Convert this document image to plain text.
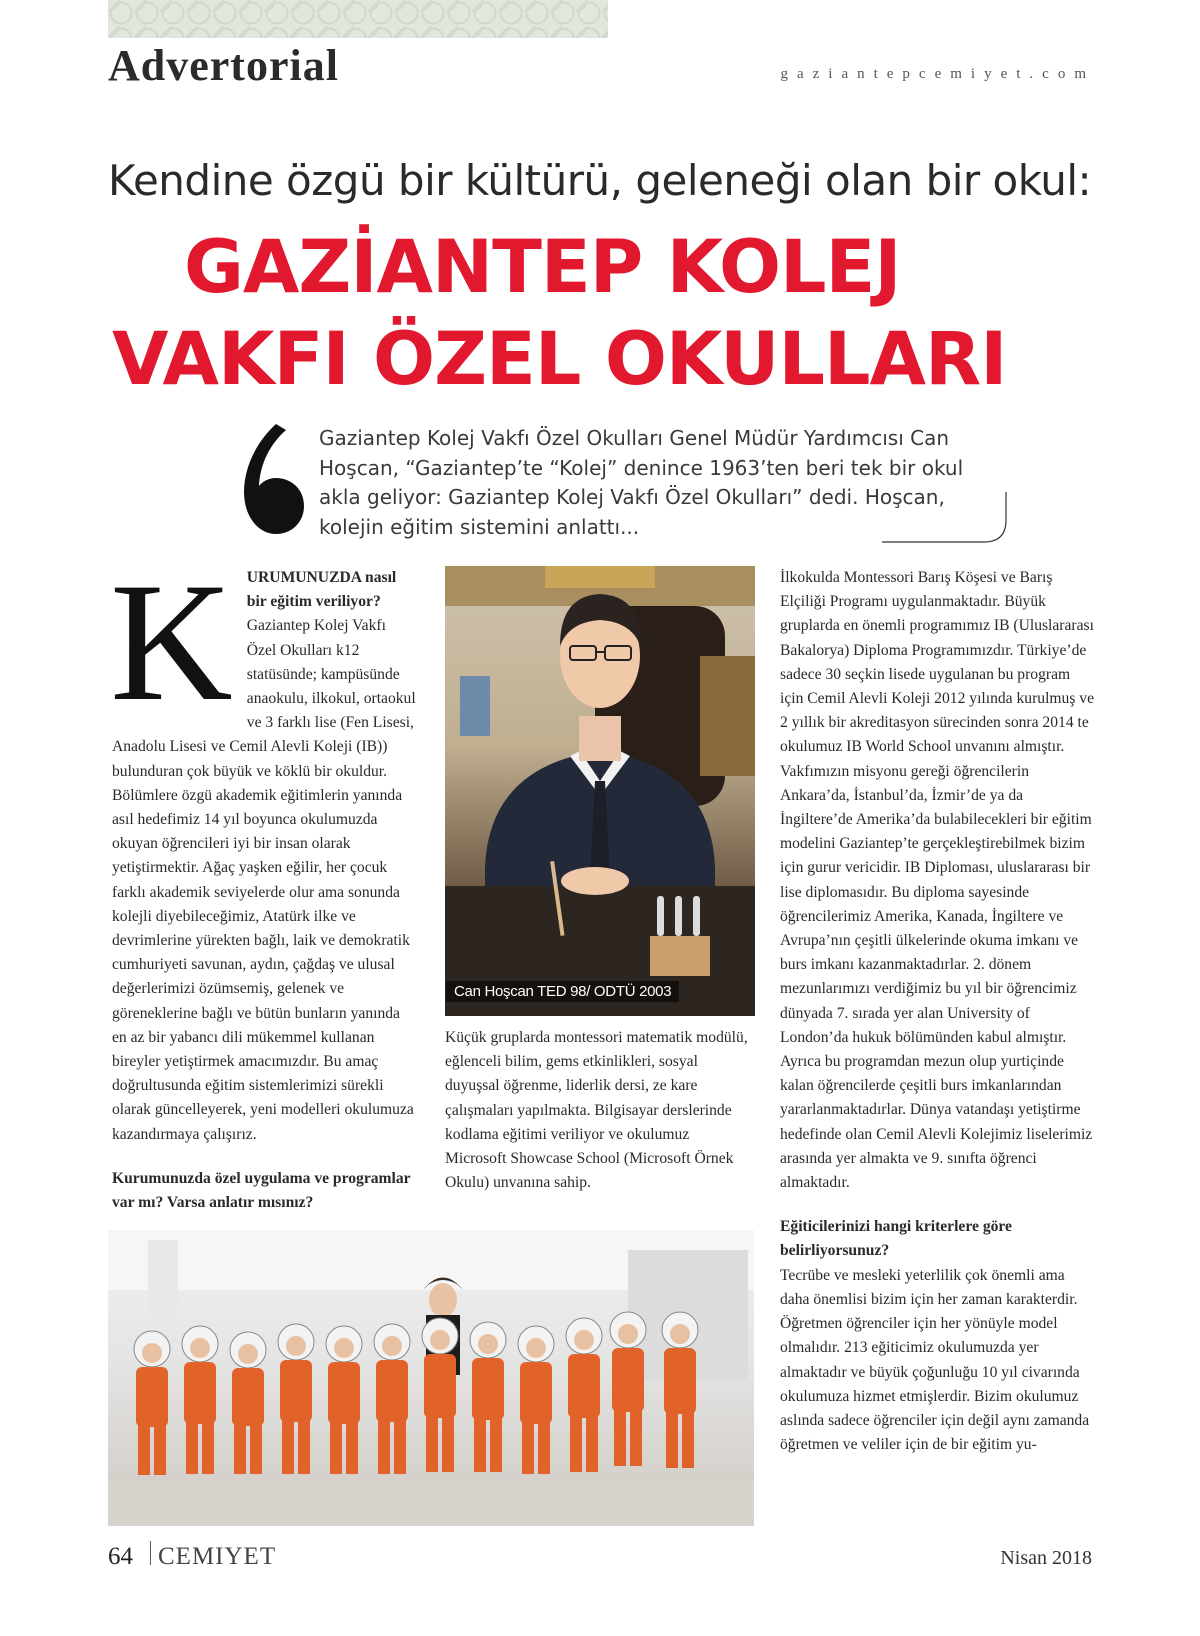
Advertorial	gaziantepcemiyet.com
Kendine özgü bir kültürü, geleneği olan bir okul:
GAZİANTEP KOLEJ
VAKFI ÖZEL OKULLARI

Gaziantep Kolej Vakfı Özel Okulları Genel Müdür Yardımcısı Can Hoşcan, “Gaziantep’te “Kolej” denince 1963’ten beri tek bir okul akla geliyor: Gaziantep Kolej Vakfı Özel Okulları” dedi. Hoşcan, kolejin eğitim sistemini anlattı...

K URUMUNUZDA nasıl bir eğitim veriliyor?

Gaziantep Kolej Vakfı Özel Okulları k12 statüsünde; kampüsünde anaokulu, ilkokul, ortaokul ve 3 farklı lise (Fen Lisesi, Anadolu Lisesi ve Cemil Alevli Koleji (IB)) bulunduran çok büyük ve köklü bir okuldur. Bölümlere özgü akademik eğitimlerin yanında asıl hedefimiz 14 yıl boyunca okulumuzda okuyan öğrencileri iyi bir insan olarak yetiştirmektir. Ağaç yaşken eğilir, her çocuk farklı akademik seviyelerde olur ama sonunda kolejli diyebileceğimiz, Atatürk ilke ve devrimlerine yürekten bağlı, laik ve demokratik cumhuriyeti savunan, aydın, çağdaş ve ulusal değerlerimizi özümsemiş, gelenek ve göreneklerine bağlı ve bütün bunların yanında en az bir yabancı dili mükemmel kullanan bireyler yetiştirmek amacımızdır. Bu amaç doğrultusunda eğitim sistemlerimizi sürekli olarak güncelleyerek, yeni modelleri okulumuza kazandırmaya çalışırız.

Kurumunuzda özel uygulama ve programlar var mı? Varsa anlatır mısınız?

Can Hoşcan TED 98/ ODTÜ 2003

Küçük gruplarda montessori matematik modülü, eğlenceli bilim, gems etkinlikleri, sosyal duyuşsal öğrenme, liderlik dersi, ze kare çalışmaları yapılmakta. Bilgisayar derslerinde kodlama eğitimi veriliyor ve okulumuz Microsoft Showcase School (Microsoft Örnek Okulu) unvanına sahip.

İlkokulda Montessori Barış Köşesi ve Barış Elçiliği Programı uygulanmaktadır. Büyük gruplarda en önemli programımız IB (Uluslararası Bakalorya) Diploma Programımızdır. Türkiye’de sadece 30 seçkin lisede uygulanan bu program için Cemil Alevli Koleji 2012 yılında kurulmuş ve 2 yıllık bir akreditasyon sürecinden sonra 2014 te okulumuz IB World School unvanını almıştır. Vakfımızın misyonu gereği öğrencilerin Ankara’da, İstanbul’da, İzmir’de ya da İngiltere’de Amerika’da bulabilecekleri bir eğitim modelini Gaziantep’te gerçekleştirebilmek bizim için gurur vericidir. IB Diploması, uluslararası bir lise diplomasıdır. Bu diploma sayesinde öğrencilerimiz Amerika, Kanada, İngiltere ve Avrupa’nın çeşitli ülkelerinde okuma imkanı ve burs imkanı kazanmaktadırlar. 2. dönem mezunlarımızı verdiğimiz bu yıl bir öğrencimiz dünyada 7. sırada yer alan University of London’da hukuk bölümünden kabul almıştır. Ayrıca bu programdan mezun olup yurtiçinde kalan öğrencilerde çeşitli burs imkanlarından yararlanmaktadırlar. Dünya vatandaşı yetiştirme hedefinde olan Cemil Alevli Kolejimiz liselerimiz arasında yer almakta ve 9. sınıfta öğrenci almaktadır.

Eğiticilerinizi hangi kriterlere göre belirliyorsunuz?

Tecrübe ve mesleki yeterlilik çok önemli ama daha önemlisi bizim için her zaman karakterdir. Öğretmen öğrenciler için her yönüyle model olmalıdır. 213 eğiticimiz okulumuzda yer almaktadır ve büyük çoğunluğu 10 yıl civarında okulumuza hizmet etmişlerdir. Bizim okulumuz aslında sadece öğrenciler için değil aynı zamanda öğretmen ve veliler için de bir eğitim yu-

64 CEMIYET	Nisan 2018
